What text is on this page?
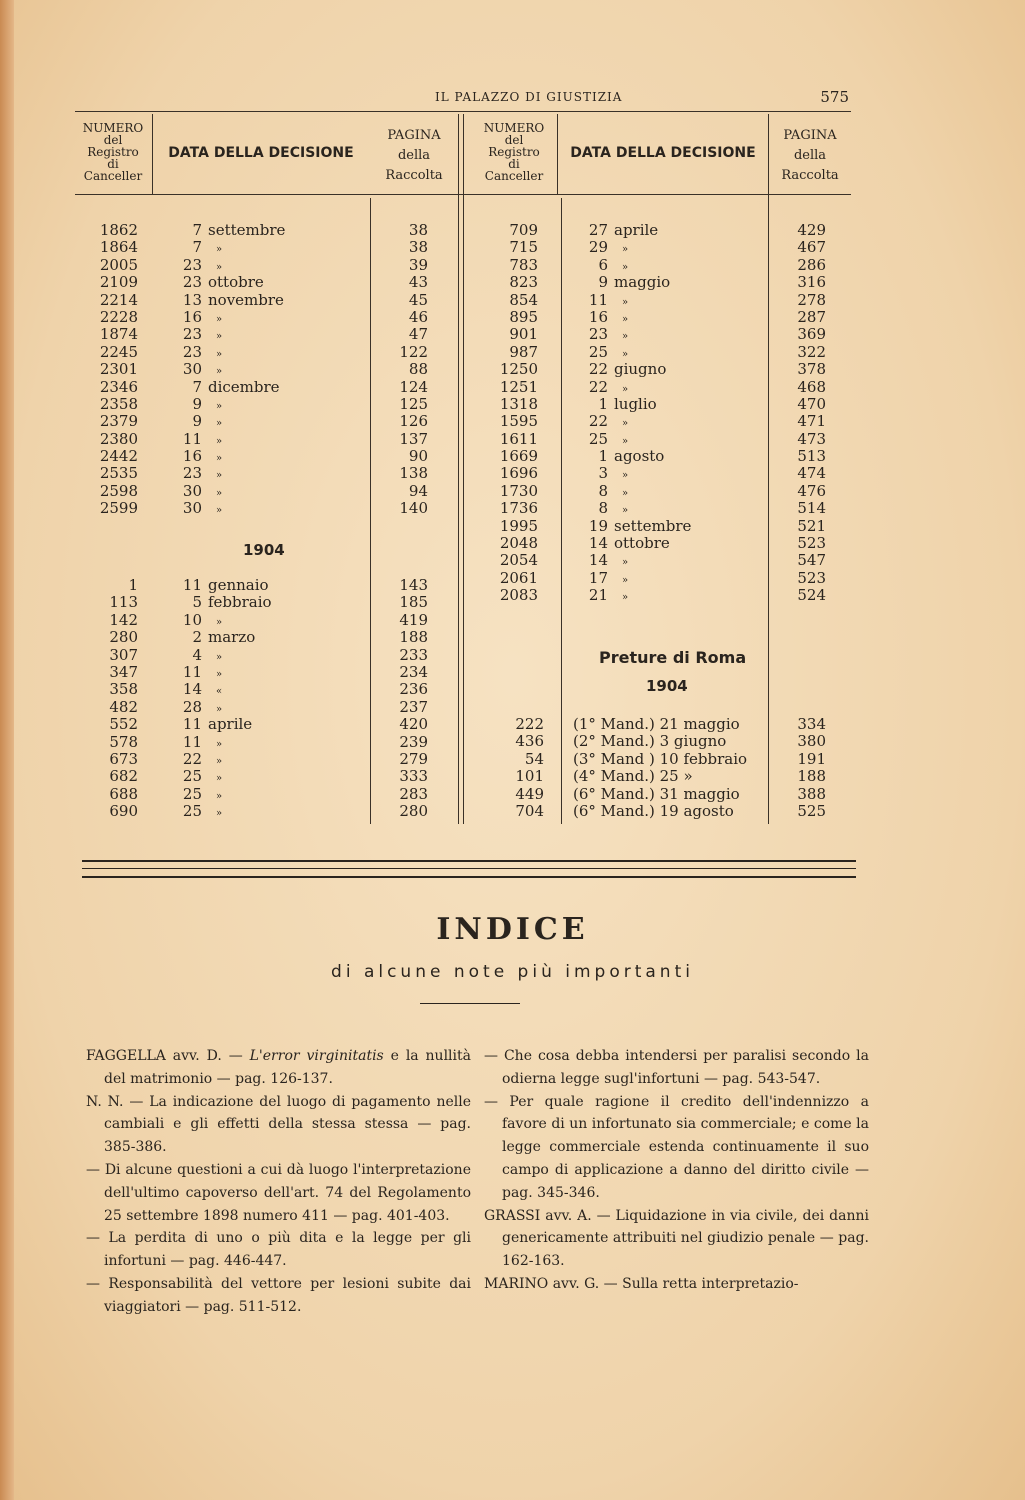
IL PALAZZO DI GIUSTIZIA	575
NUMERO
del
Registro
di
Canceller
DATA DELLA DECISIONE
PAGINA
della
Raccolta
NUMERO
del
Registro
di
Canceller
DATA DELLA DECISIONE
PAGINA
della
Raccolta
1862
1864
2005
2109
2214
2228
1874
2245
2301
2346
2358
2379
2380
2442
2535
2598
2599
7 settembre
7 »
23 »
23 ottobre
13 novembre
16 »
23 »
23 »
30 »
7 dicembre
9 »
9 »
11 »
16 »
23 »
30 »
30 »
38
38
39
43
45
46
47
122
88
124
125
126
137
90
138
94
140
1904
1
113
142
280
307
347
358
482
552
578
673
682
688
690
11 gennaio
5 febbraio
10 »
2 marzo
4 »
11 »
14 «
28 »
11 aprile
11 »
22 »
25 »
25 »
25 »
143
185
419
188
233
234
236
237
420
239
279
333
283
280
709
715
783
823
854
895
901
987
1250
1251
1318
1595
1611
1669
1696
1730
1736
1995
2048
2054
2061
2083
27 aprile
29 »
6 »
9 maggio
11 »
16 »
23 »
25 »
22 giugno
22 »
1 luglio
22 »
25 »
1 agosto
3 »
8 »
8 »
19 settembre
14 ottobre
14 »
17 »
21 »
429
467
286
316
278
287
369
322
378
468
470
471
473
513
474
476
514
521
523
547
523
524
Preture di Roma
1904
222
436
54
101
449
704
(1° Mand.) 21 maggio
(2° Mand.) 3 giugno
(3° Mand ) 10 febbraio
(4° Mand.) 25 »
(6° Mand.) 31 maggio
(6° Mand.) 19 agosto
334
380
191
188
388
525
INDICE
di alcune note più importanti
FAGGELLA avv. D. — L'error virginitatis e la nullità del matrimonio — pag. 126-137.
N. N. — La indicazione del luogo di pagamento nelle cambiali e gli effetti della stessa stessa — pag. 385-386.
— Di alcune questioni a cui dà luogo l'interpretazione dell'ultimo capoverso dell'art. 74 del Regolamento 25 settembre 1898 numero 411 — pag. 401-403.
— La perdita di uno o più dita e la legge per gli infortuni — pag. 446-447.
— Responsabilità del vettore per lesioni subite dai viaggiatori — pag. 511-512.
— Che cosa debba intendersi per paralisi secondo la odierna legge sugl'infortuni — pag. 543-547.
— Per quale ragione il credito dell'indennizzo a favore di un infortunato sia commerciale; e come la legge commerciale estenda continuamente il suo campo di applicazione a danno del diritto civile — pag. 345-346.
GRASSI avv. A. — Liquidazione in via civile, dei danni genericamente attribuiti nel giudizio penale — pag. 162-163.
MARINO avv. G. — Sulla retta interpretazio-
